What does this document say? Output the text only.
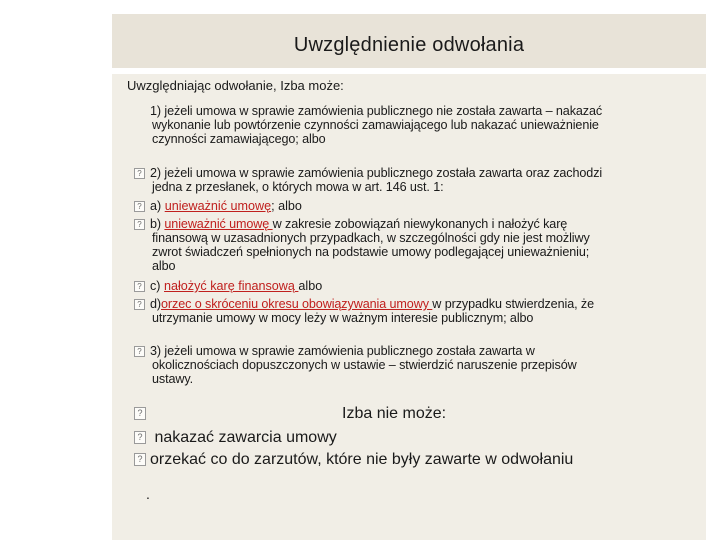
Uwzględnienie odwołania
Uwzględniając odwołanie, Izba może:
1) jeżeli umowa w sprawie zamówienia publicznego nie została zawarta – nakazać
wykonanie lub powtórzenie czynności zamawiającego lub nakazać unieważnienie
czynności zamawiającego; albo
? 2) jeżeli umowa w sprawie zamówienia publicznego została zawarta oraz zachodzi
jedna z przesłanek, o których mowa w art. 146 ust. 1:
? a) unieważnić umowę; albo
? b) unieważnić umowę w zakresie zobowiązań niewykonanych i nałożyć karę
finansową w uzasadnionych przypadkach, w szczególności gdy nie jest możliwy
zwrot świadczeń spełnionych na podstawie umowy podlegającej unieważnieniu;
albo
? c) nałożyć karę finansową albo
? d)orzec o skróceniu okresu obowiązywania umowy w przypadku stwierdzenia, że
utrzymanie umowy w mocy leży w ważnym interesie publicznym; albo
? 3) jeżeli umowa w sprawie zamówienia publicznego została zawarta w
okolicznościach dopuszczonych w ustawie – stwierdzić naruszenie przepisów
ustawy.
?	Izba nie może:
? nakazać zawarcia umowy
? orzekać co do zarzutów, które nie były zawarte w odwołaniu
.
